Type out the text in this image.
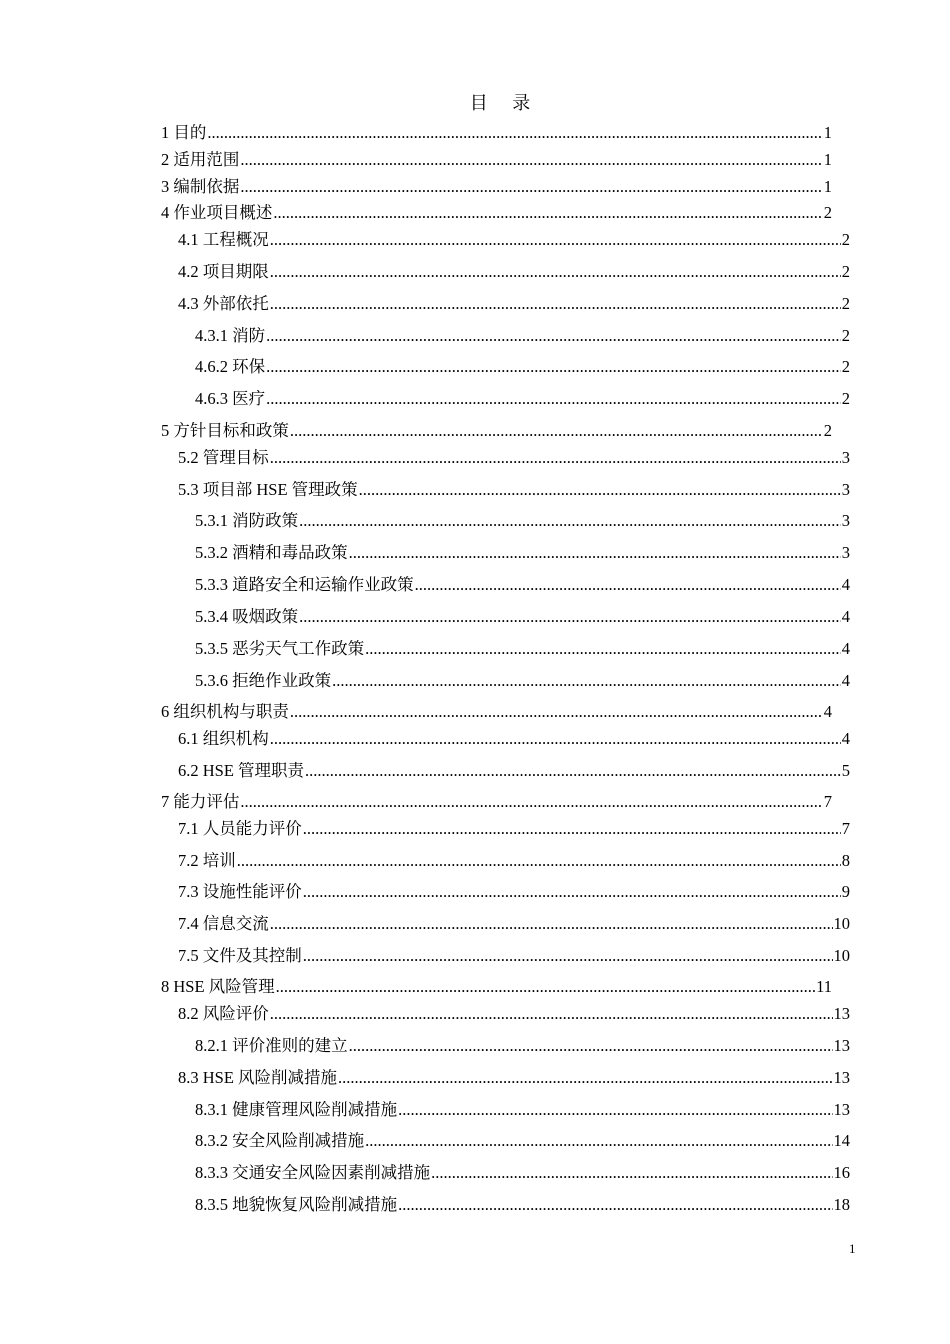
目 录
1 目的 .....	1
2 适用范围 .....	1
3 编制依据 .....	1
4 作业项目概述 .....	2
4.1 工程概况 .....	2
4.2 项目期限 .....	2
4.3 外部依托 .....	2
4.3.1 消防 .....	2
4.6.2 环保 .....	2
4.6.3 医疗 .....	2
5 方针目标和政策 .....	2
5.2 管理目标 .....	3
5.3 项目部 HSE 管理政策 .....	3
5.3.1 消防政策 .....	3
5.3.2 酒精和毒品政策 .....	3
5.3.3 道路安全和运输作业政策 .....	4
5.3.4 吸烟政策 .....	4
5.3.5 恶劣天气工作政策 .....	4
5.3.6 拒绝作业政策 .....	4
6 组织机构与职责 .....	4
6.1 组织机构 .....	4
6.2 HSE 管理职责 .....	5
7 能力评估 .....	7
7.1 人员能力评价 .....	7
7.2 培训 .....	8
7.3 设施性能评价 .....	9
7.4 信息交流 .....	10
7.5 文件及其控制 .....	10
8 HSE 风险管理 .....	11
8.2 风险评价 .....	13
8.2.1 评价准则的建立 .....	13
8.3 HSE 风险削减措施 .....	13
8.3.1 健康管理风险削减措施 .....	13
8.3.2 安全风险削减措施 .....	14
8.3.3 交通安全风险因素削减措施 .....	16
8.3.5 地貌恢复风险削减措施 .....	18
1
